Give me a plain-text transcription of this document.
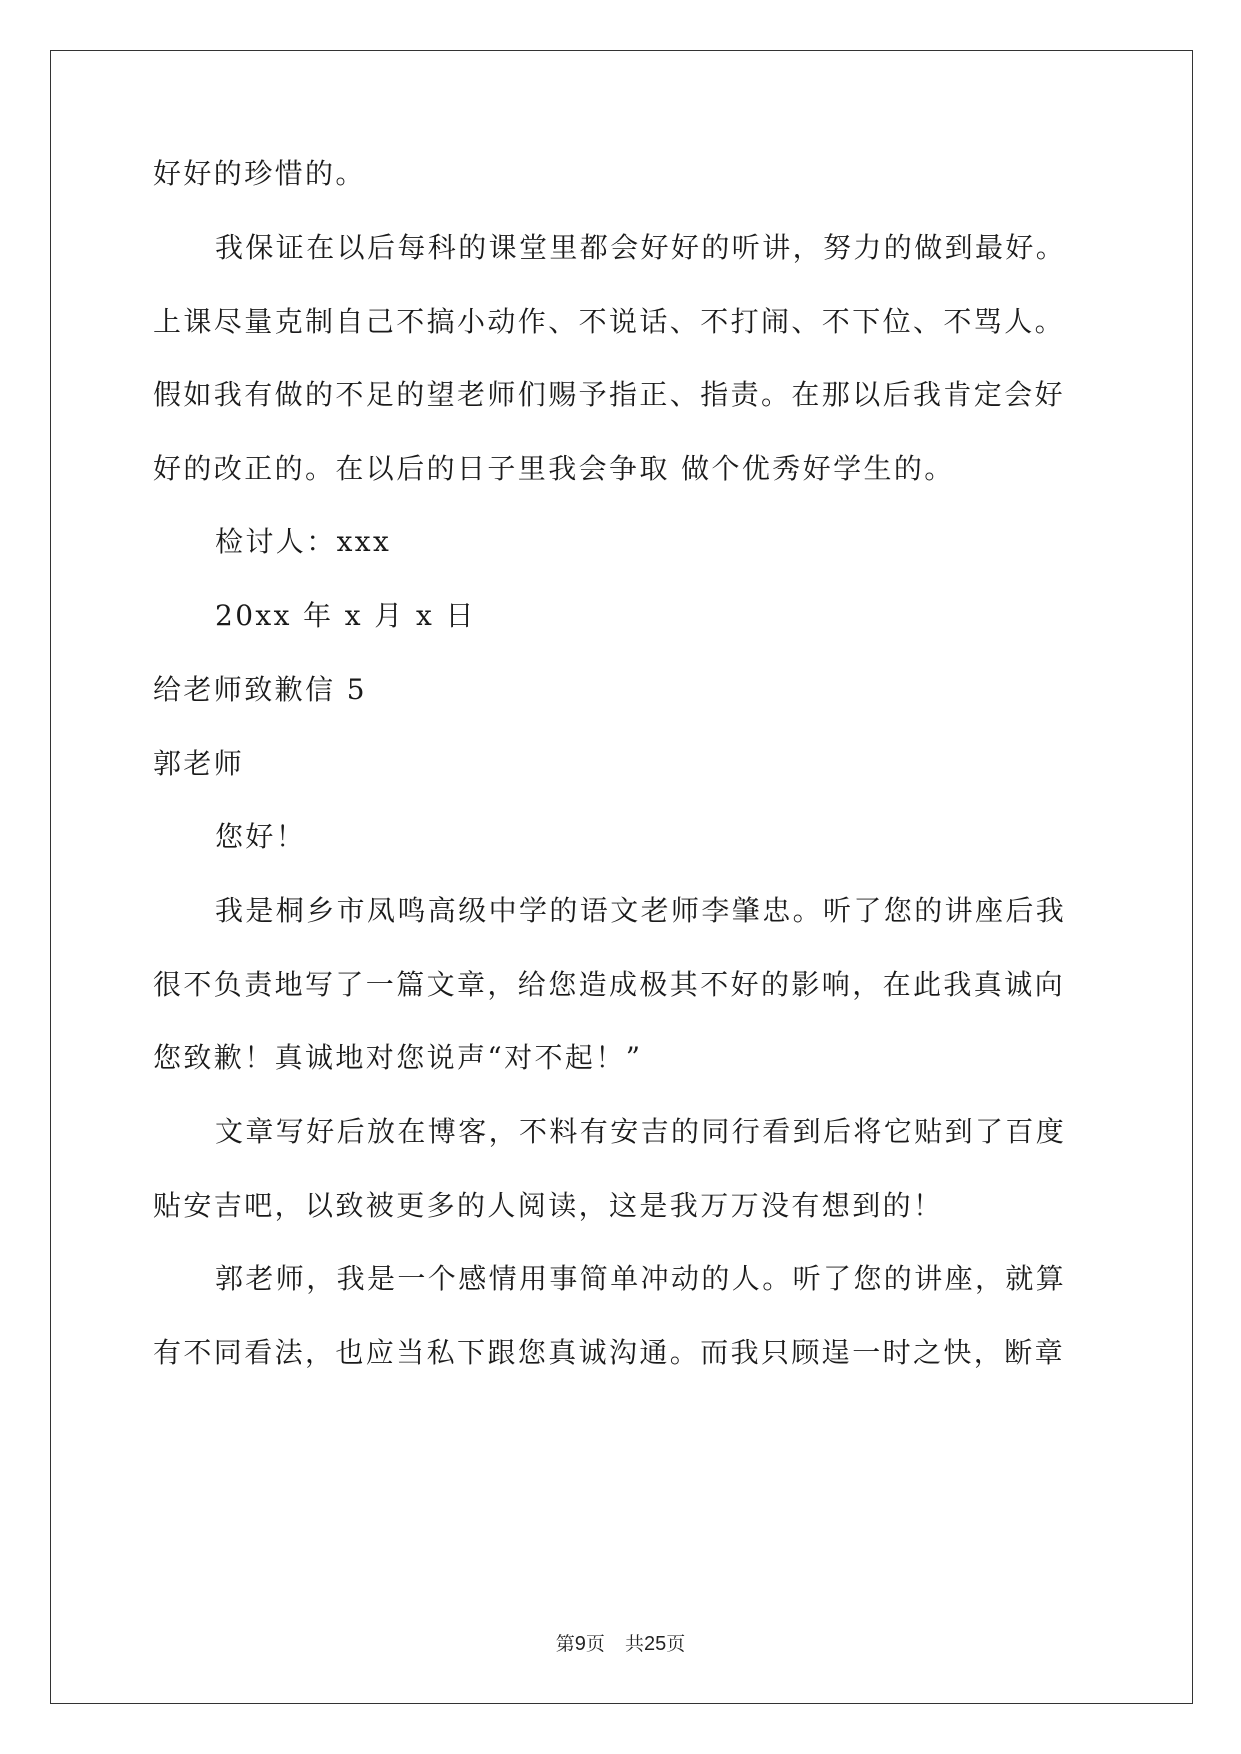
好好的珍惜的。
我保证在以后每科的课堂里都会好好的听讲，努力的做到最好。
上课尽量克制自己不搞小动作、不说话、不打闹、不下位、不骂人。
假如我有做的不足的望老师们赐予指正、指责。在那以后我肯定会好
好的改正的。在以后的日子里我会争取 做个优秀好学生的。
检讨人：xxx
20xx 年 x 月 x 日
给老师致歉信 5
郭老师
您好！
我是桐乡市凤鸣高级中学的语文老师李肇忠。听了您的讲座后我
很不负责地写了一篇文章，给您造成极其不好的影响，在此我真诚向
您致歉！真诚地对您说声“对不起！”
文章写好后放在博客，不料有安吉的同行看到后将它贴到了百度
贴安吉吧，以致被更多的人阅读，这是我万万没有想到的！
郭老师，我是一个感情用事简单冲动的人。听了您的讲座，就算
有不同看法，也应当私下跟您真诚沟通。而我只顾逞一时之快，断章
第9页 共25页
